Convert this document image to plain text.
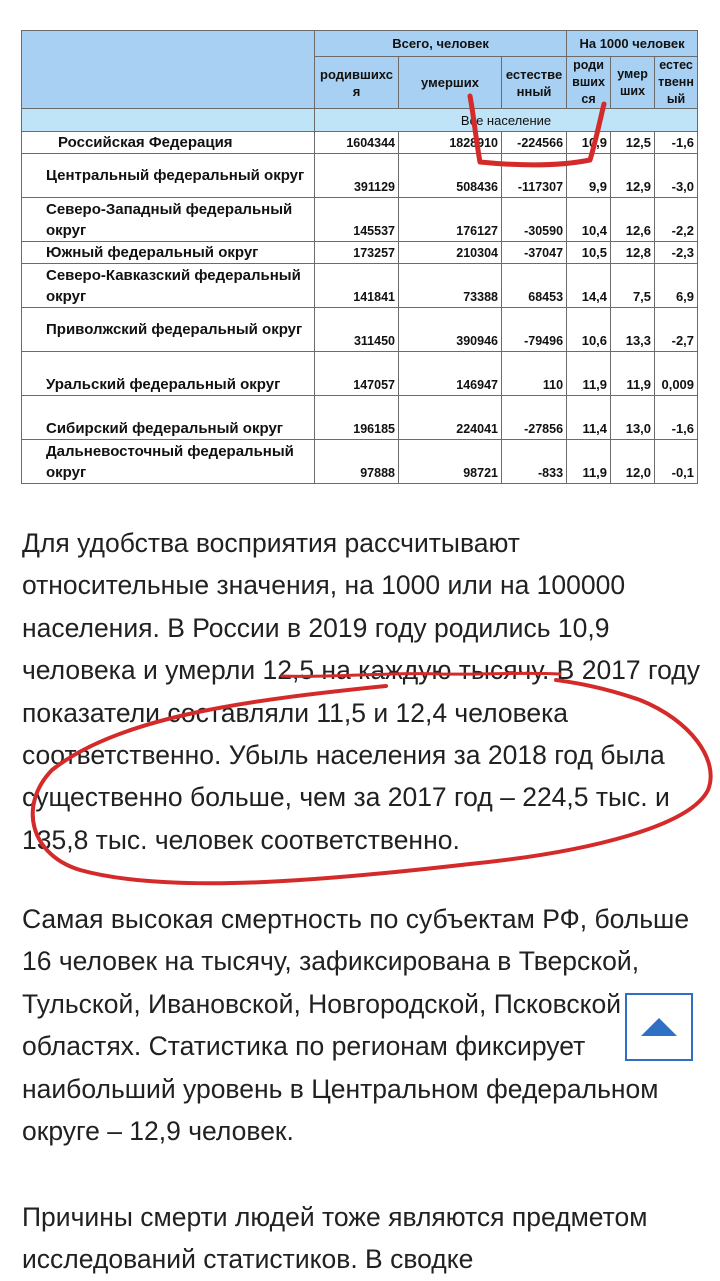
	Всего, человек			На 1000 человек		
	родившихся	умерших	естественный	родившихся	умерших	естественный
	Все население					
Российская Федерация	1604344	1828910	-224566	10,9	12,5	-1,6
Центральный федеральный округ	391129	508436	-117307	9,9	12,9	-3,0
Северо-Западный федеральный округ	145537	176127	-30590	10,4	12,6	-2,2
Южный федеральный округ	173257	210304	-37047	10,5	12,8	-2,3
Северо-Кавказский федеральный округ	141841	73388	68453	14,4	7,5	6,9
Приволжский федеральный округ	311450	390946	-79496	10,6	13,3	-2,7
Уральский федеральный округ	147057	146947	110	11,9	11,9	0,009
Сибирский федеральный округ	196185	224041	-27856	11,4	13,0	-1,6
Дальневосточный федеральный округ	97888	98721	-833	11,9	12,0	-0,1

Для удобства восприятия рассчитывают относительные значения, на 1000 или на 100000 населения. В России в 2019 году родились 10,9 человека и умерли 12,5 на каждую тысячу. В 2017 году показатели составляли 11,5 и 12,4 человека соответственно. Убыль населения за 2018 год была существенно больше, чем за 2017 год – 224,5 тыс. и 135,8 тыс. человек соответственно.

Самая высокая смертность по субъектам РФ, больше 16 человек на тысячу, зафиксирована в Тверской, Тульской, Ивановской, Новгородской, Псковской областях. Статистика по регионам фиксирует наибольший уровень в Центральном федеральном округе – 12,9 человек.

Причины смерти людей тоже являются предметом исследований статистиков. В сводке
